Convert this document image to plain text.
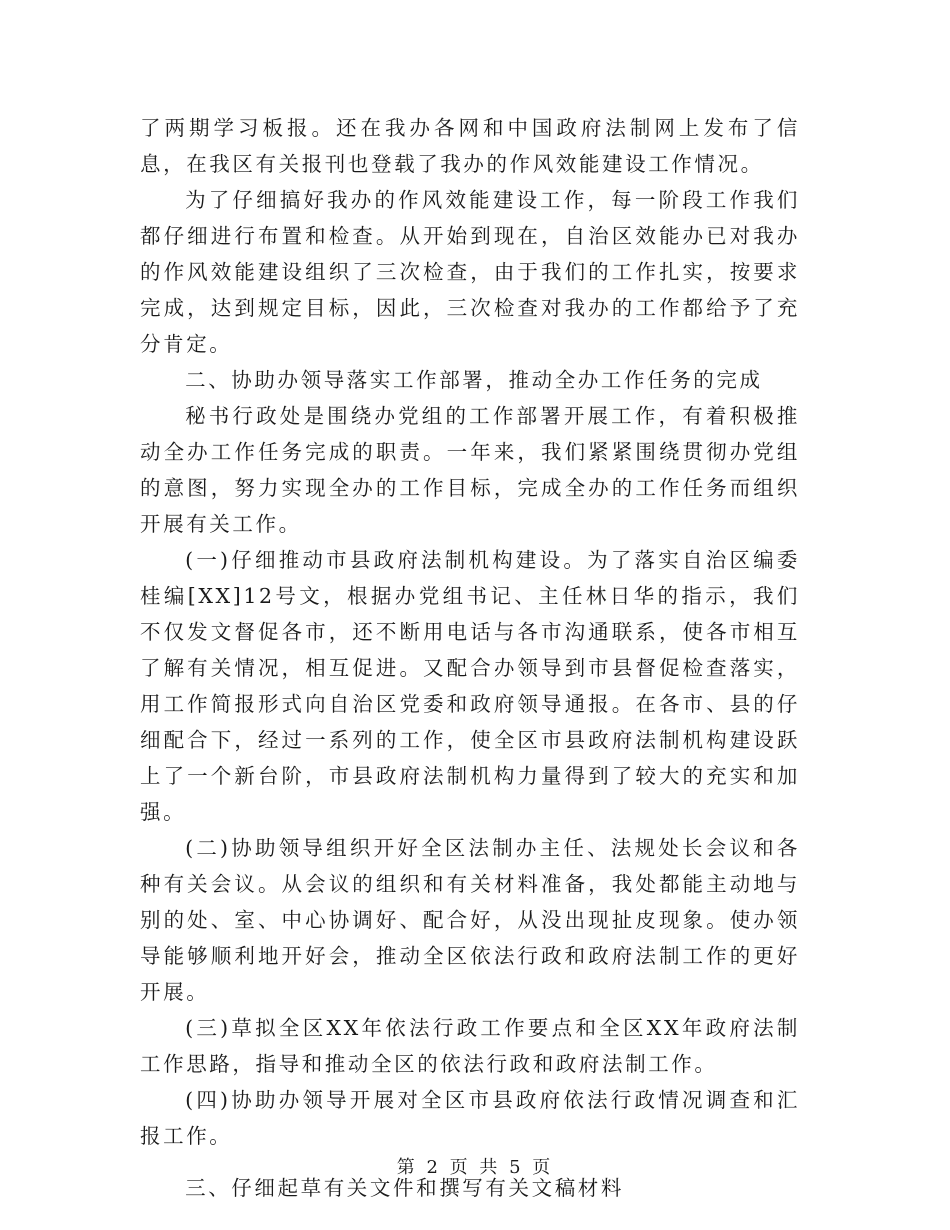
了两期学习板报。还在我办各网和中国政府法制网上发布了信息，在我区有关报刊也登载了我办的作风效能建设工作情况。

为了仔细搞好我办的作风效能建设工作，每一阶段工作我们都仔细进行布置和检查。从开始到现在，自治区效能办已对我办的作风效能建设组织了三次检查，由于我们的工作扎实，按要求完成，达到规定目标，因此，三次检查对我办的工作都给予了充分肯定。

二、协助办领导落实工作部署，推动全办工作任务的完成

秘书行政处是围绕办党组的工作部署开展工作，有着积极推动全办工作任务完成的职责。一年来，我们紧紧围绕贯彻办党组的意图，努力实现全办的工作目标，完成全办的工作任务而组织开展有关工作。

(一)仔细推动市县政府法制机构建设。为了落实自治区编委桂编[XX]12号文，根据办党组书记、主任林日华的指示，我们不仅发文督促各市，还不断用电话与各市沟通联系，使各市相互了解有关情况，相互促进。又配合办领导到市县督促检查落实，用工作简报形式向自治区党委和政府领导通报。在各市、县的仔细配合下，经过一系列的工作，使全区市县政府法制机构建设跃上了一个新台阶，市县政府法制机构力量得到了较大的充实和加强。

(二)协助领导组织开好全区法制办主任、法规处长会议和各种有关会议。从会议的组织和有关材料准备，我处都能主动地与别的处、室、中心协调好、配合好，从没出现扯皮现象。使办领导能够顺利地开好会，推动全区依法行政和政府法制工作的更好开展。

(三)草拟全区XX年依法行政工作要点和全区XX年政府法制工作思路，指导和推动全区的依法行政和政府法制工作。

(四)协助办领导开展对全区市县政府依法行政情况调查和汇报工作。

三、仔细起草有关文件和撰写有关文稿材料

第 2 页 共 5 页
